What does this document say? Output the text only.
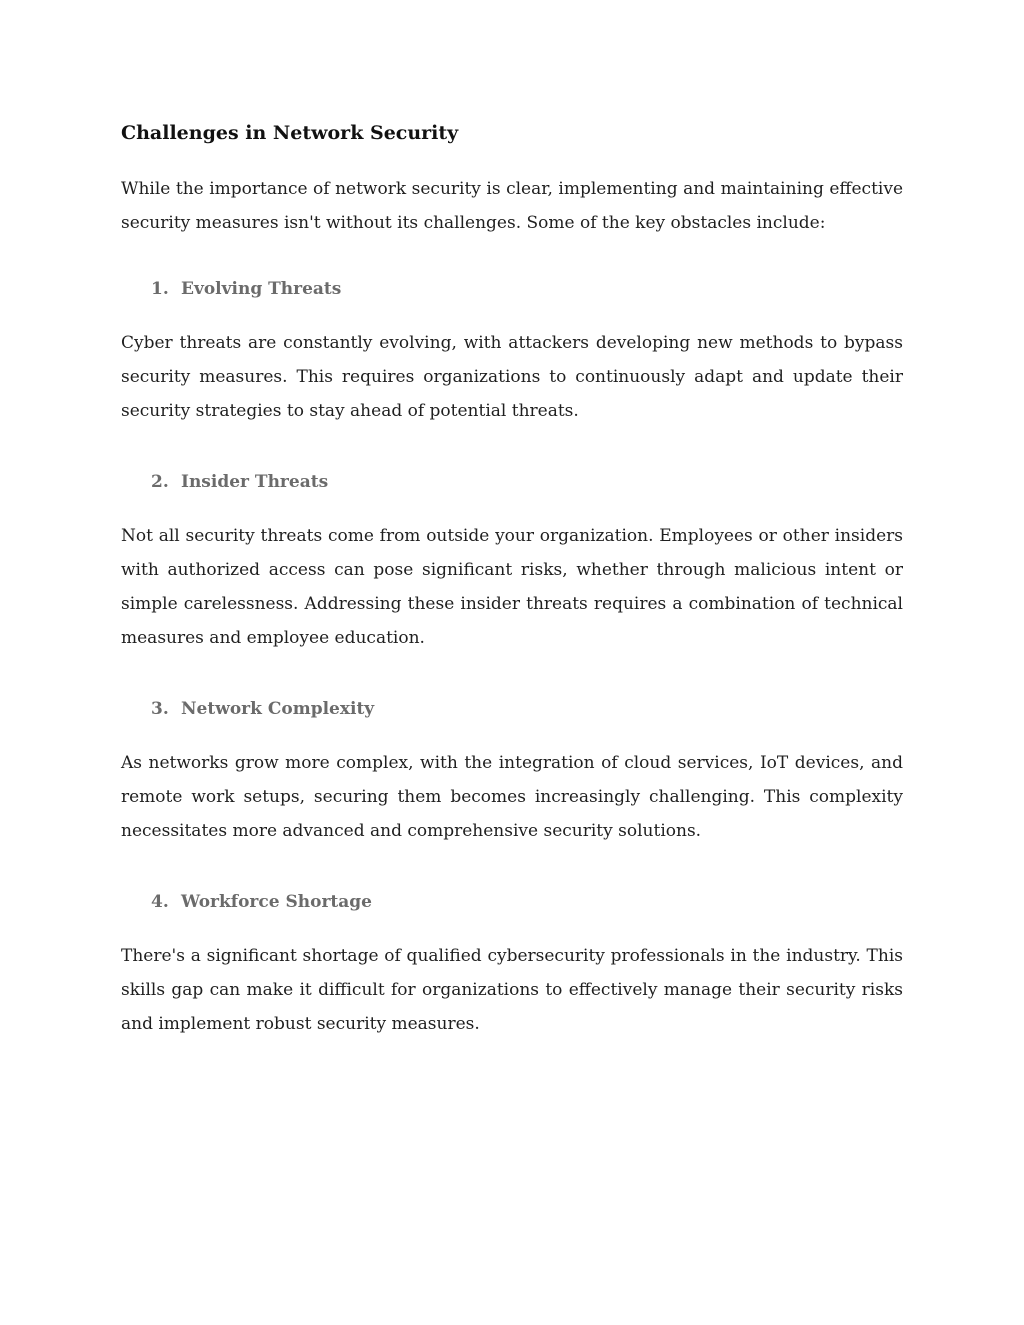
Challenges in Network Security

While the importance of network security is clear, implementing and maintaining effective security measures isn't without its challenges. Some of the key obstacles include:

1. Evolving Threats

Cyber threats are constantly evolving, with attackers developing new methods to bypass security measures. This requires organizations to continuously adapt and update their security strategies to stay ahead of potential threats.

2. Insider Threats

Not all security threats come from outside your organization. Employees or other insiders with authorized access can pose significant risks, whether through malicious intent or simple carelessness. Addressing these insider threats requires a combination of technical measures and employee education.

3. Network Complexity

As networks grow more complex, with the integration of cloud services, IoT devices, and remote work setups, securing them becomes increasingly challenging. This complexity necessitates more advanced and comprehensive security solutions.

4. Workforce Shortage

There's a significant shortage of qualified cybersecurity professionals in the industry. This skills gap can make it difficult for organizations to effectively manage their security risks and implement robust security measures.
